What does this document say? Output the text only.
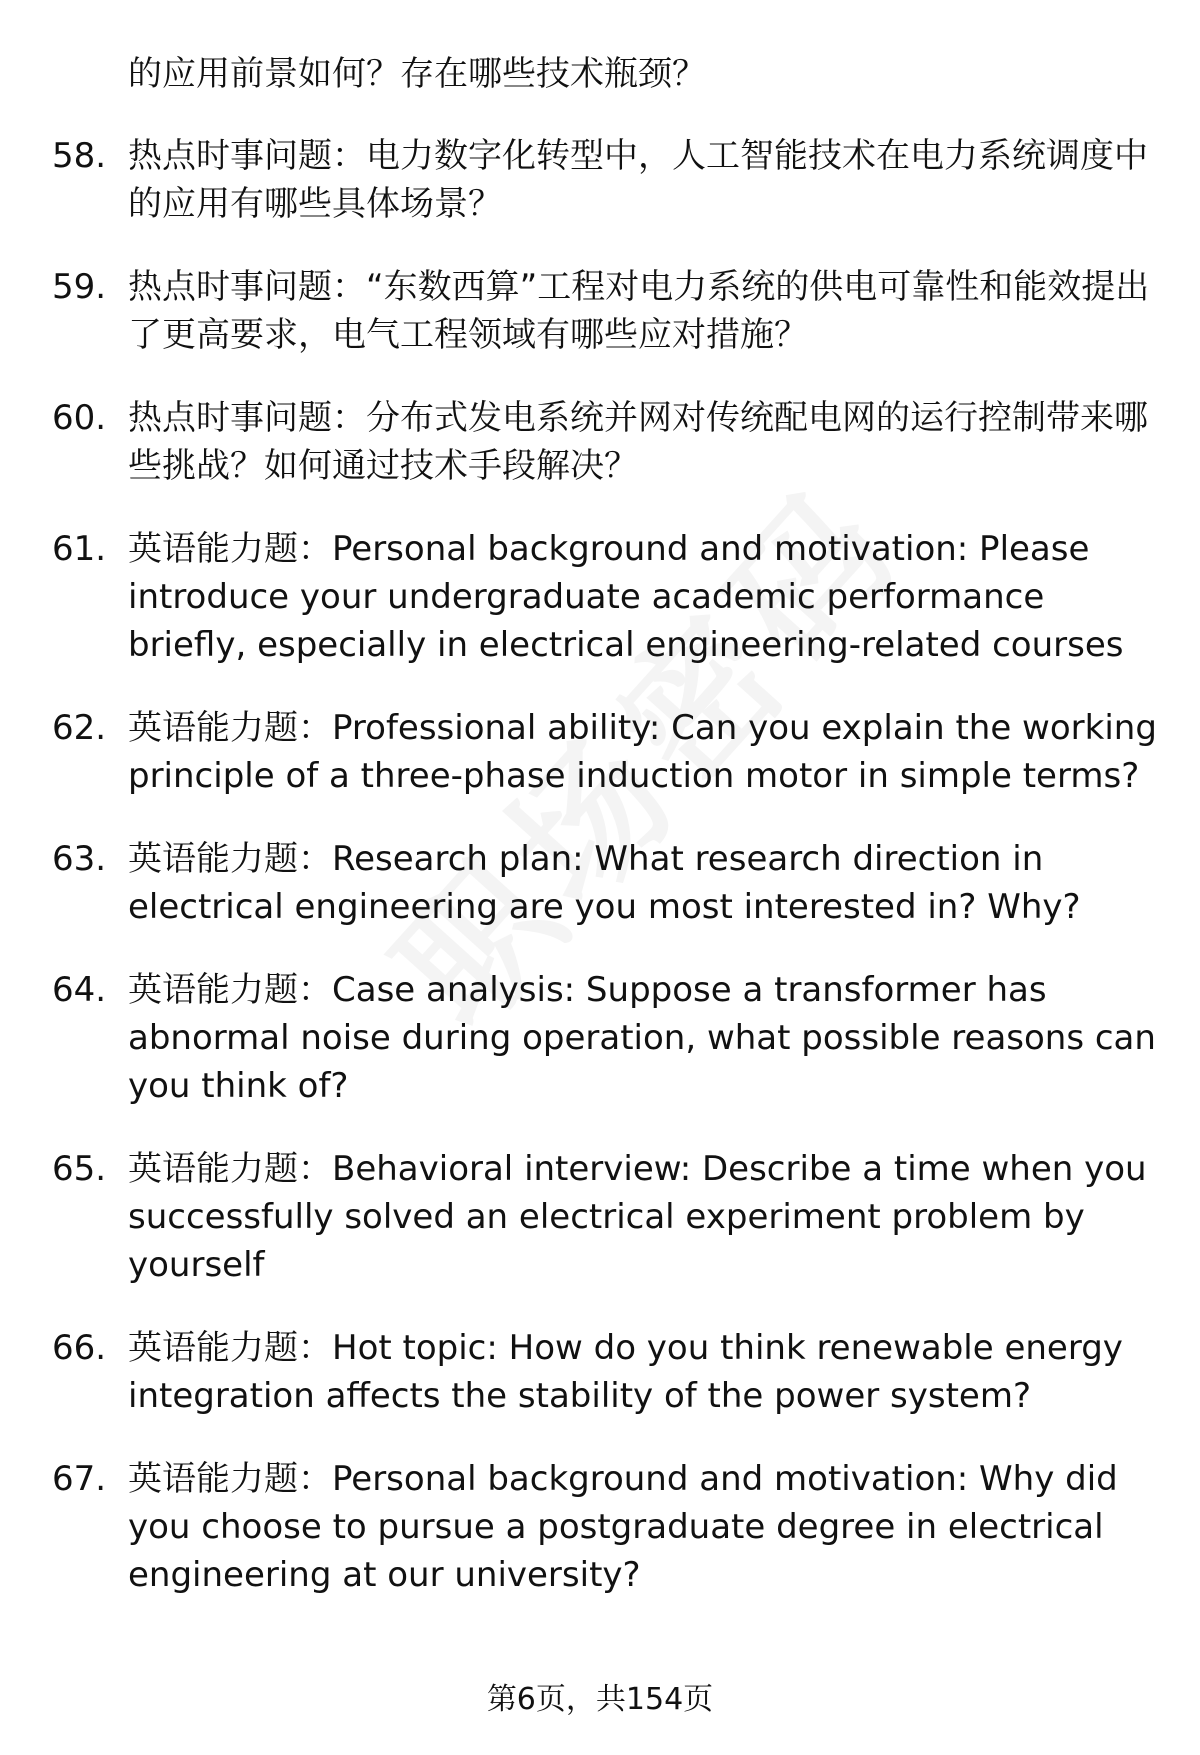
的应用前景如何？存在哪些技术瓶颈？
58. 热点时事问题：电力数字化转型中，人工智能技术在电力系统调度中的应用有哪些具体场景？
59. 热点时事问题：“东数西算”工程对电力系统的供电可靠性和能效提出了更高要求，电气工程领域有哪些应对措施？
60. 热点时事问题：分布式发电系统并网对传统配电网的运行控制带来哪些挑战？如何通过技术手段解决？
61. 英语能力题：Personal background and motivation: Please introduce your undergraduate academic performance briefly, especially in electrical engineering-related courses
62. 英语能力题：Professional ability: Can you explain the working principle of a three-phase induction motor in simple terms?
63. 英语能力题：Research plan: What research direction in electrical engineering are you most interested in? Why?
64. 英语能力题：Case analysis: Suppose a transformer has abnormal noise during operation, what possible reasons can you think of?
65. 英语能力题：Behavioral interview: Describe a time when you successfully solved an electrical experiment problem by yourself
66. 英语能力题：Hot topic: How do you think renewable energy integration affects the stability of the power system?
67. 英语能力题：Personal background and motivation: Why did you choose to pursue a postgraduate degree in electrical engineering at our university?
第6页，共154页
